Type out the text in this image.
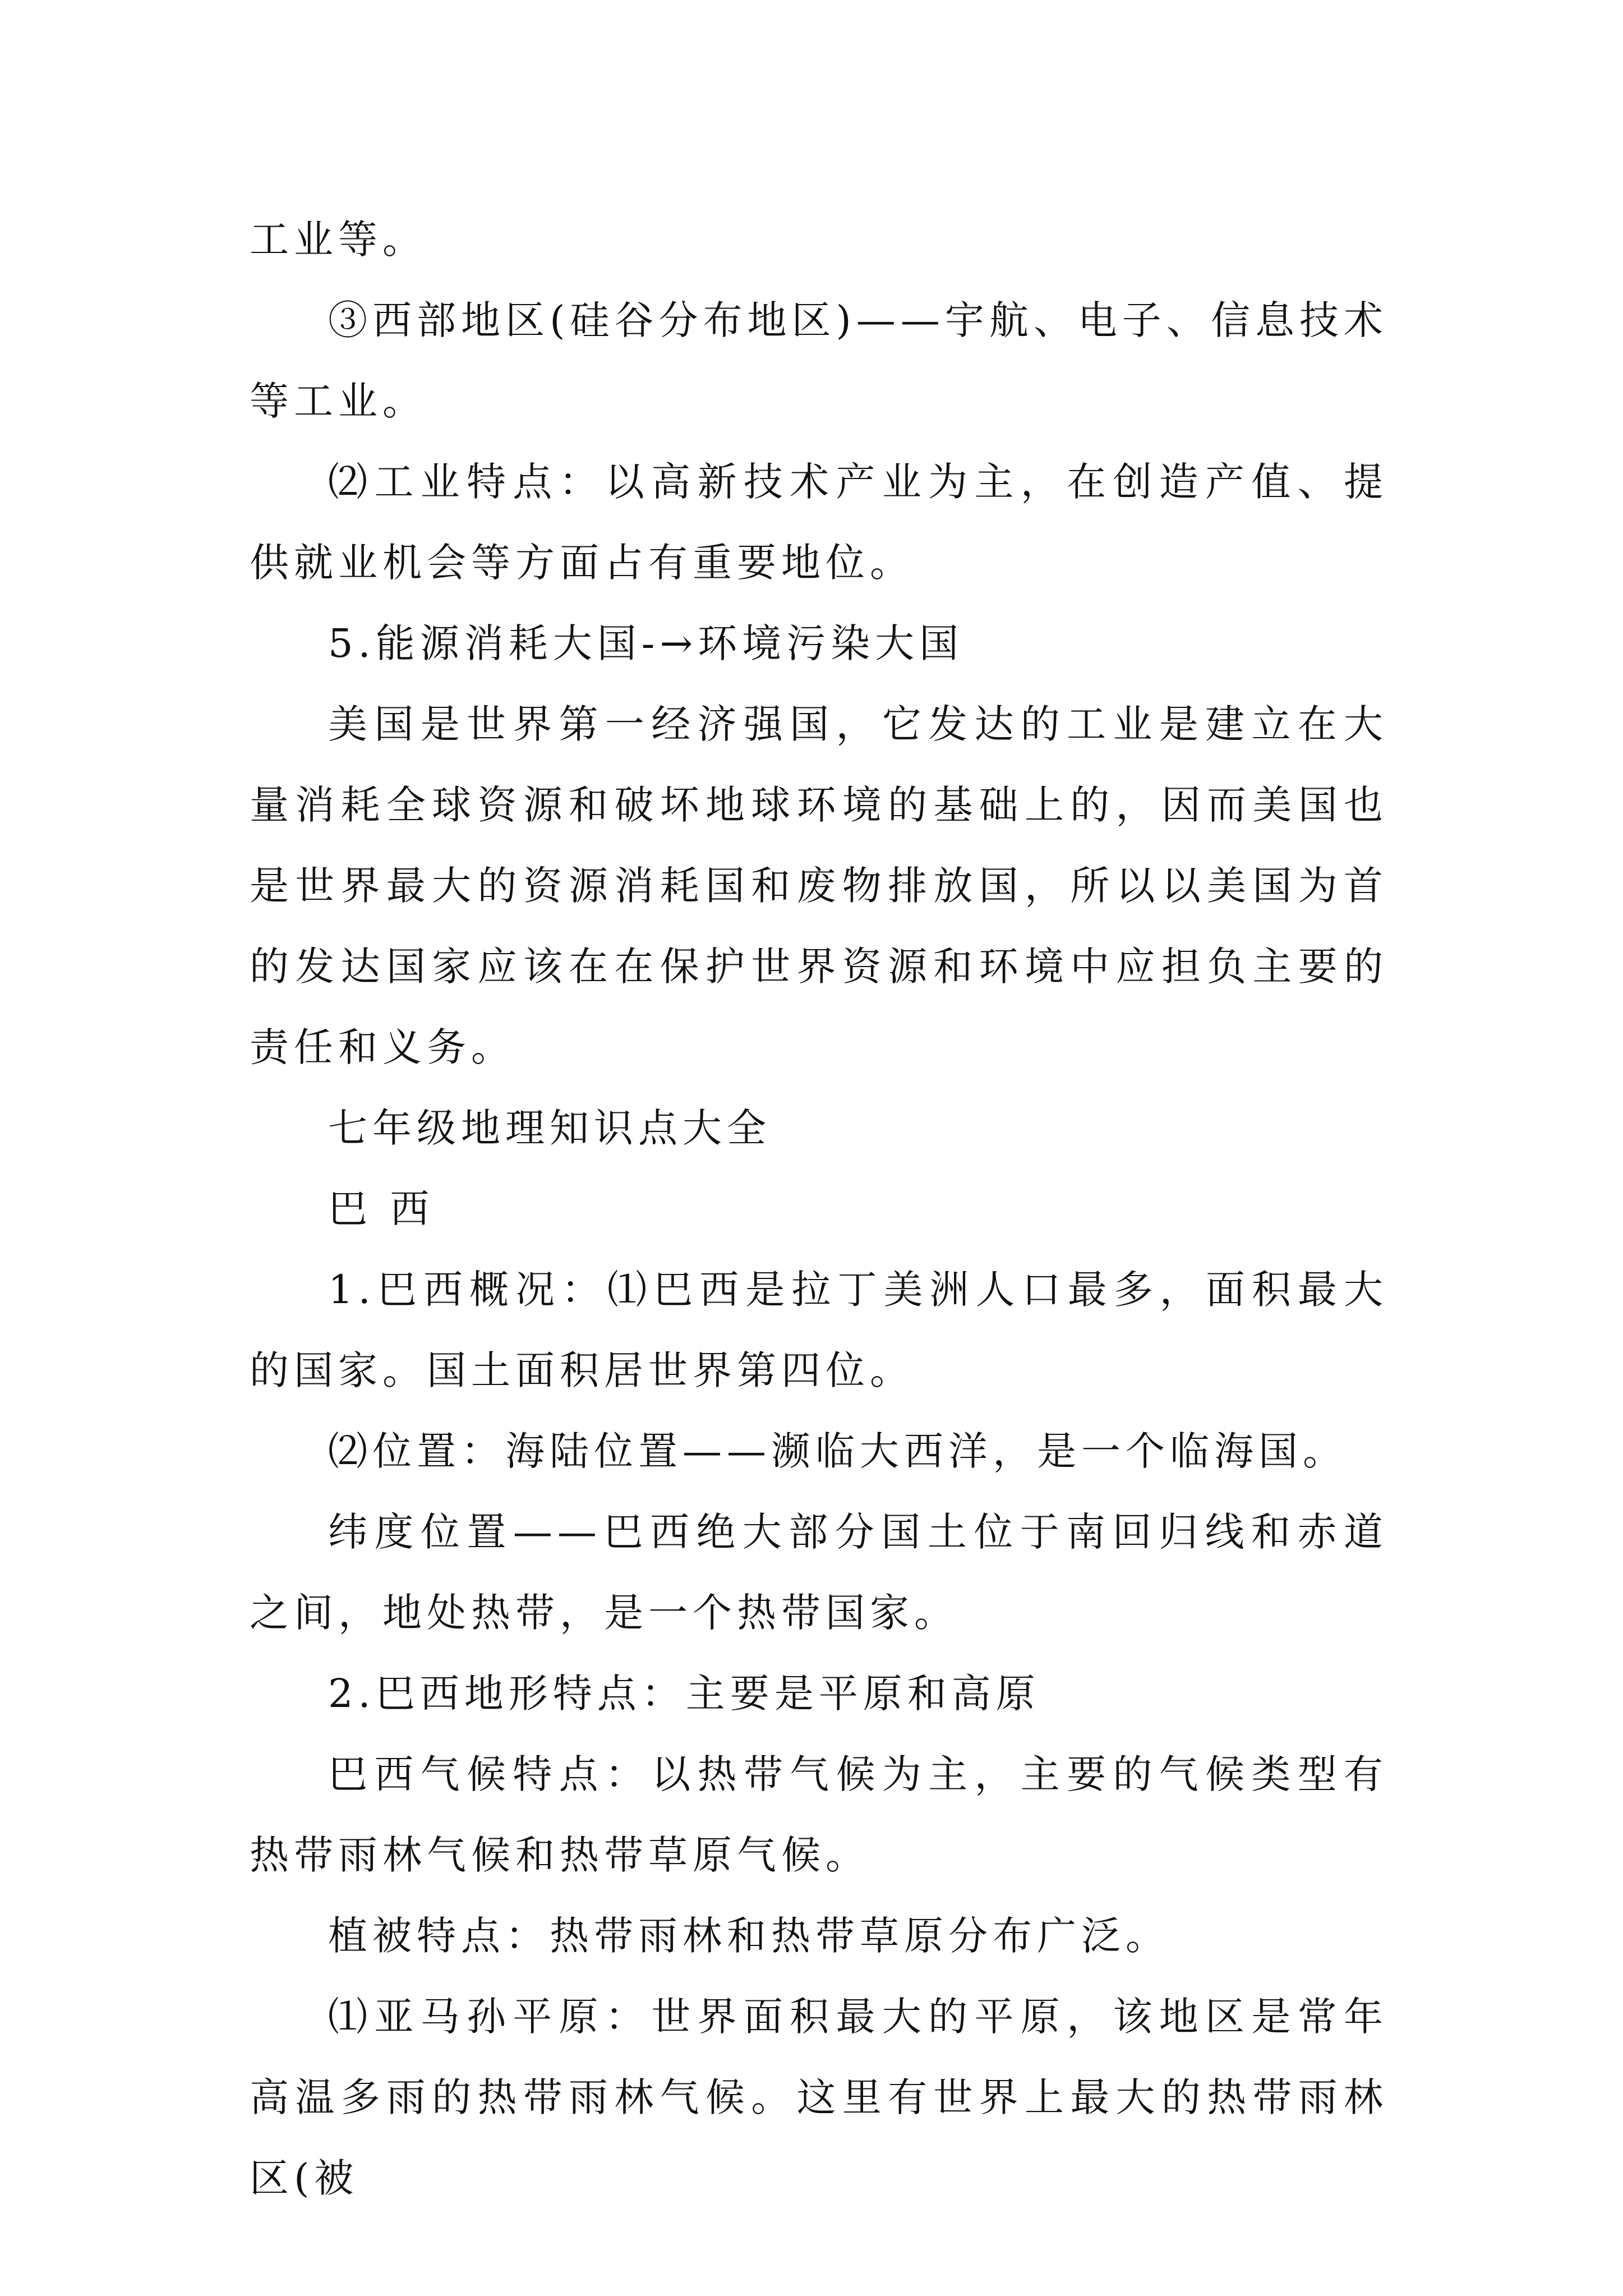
工业等。

③西部地区(硅谷分布地区)——宇航、电子、信息技术等工业。

⑵工业特点：以高新技术产业为主，在创造产值、提供就业机会等方面占有重要地位。

5.能源消耗大国-→环境污染大国

美国是世界第一经济强国，它发达的工业是建立在大量消耗全球资源和破坏地球环境的基础上的，因而美国也是世界最大的资源消耗国和废物排放国，所以以美国为首的发达国家应该在在保护世界资源和环境中应担负主要的责任和义务。

七年级地理知识点大全

巴 西

1.巴西概况：⑴巴西是拉丁美洲人口最多，面积最大的国家。国土面积居世界第四位。

⑵位置：海陆位置——濒临大西洋，是一个临海国。

纬度位置——巴西绝大部分国土位于南回归线和赤道之间，地处热带，是一个热带国家。

2.巴西地形特点：主要是平原和高原

巴西气候特点：以热带气候为主，主要的气候类型有热带雨林气候和热带草原气候。

植被特点：热带雨林和热带草原分布广泛。

⑴亚马孙平原：世界面积最大的平原，该地区是常年高温多雨的热带雨林气候。这里有世界上最大的热带雨林区(被
